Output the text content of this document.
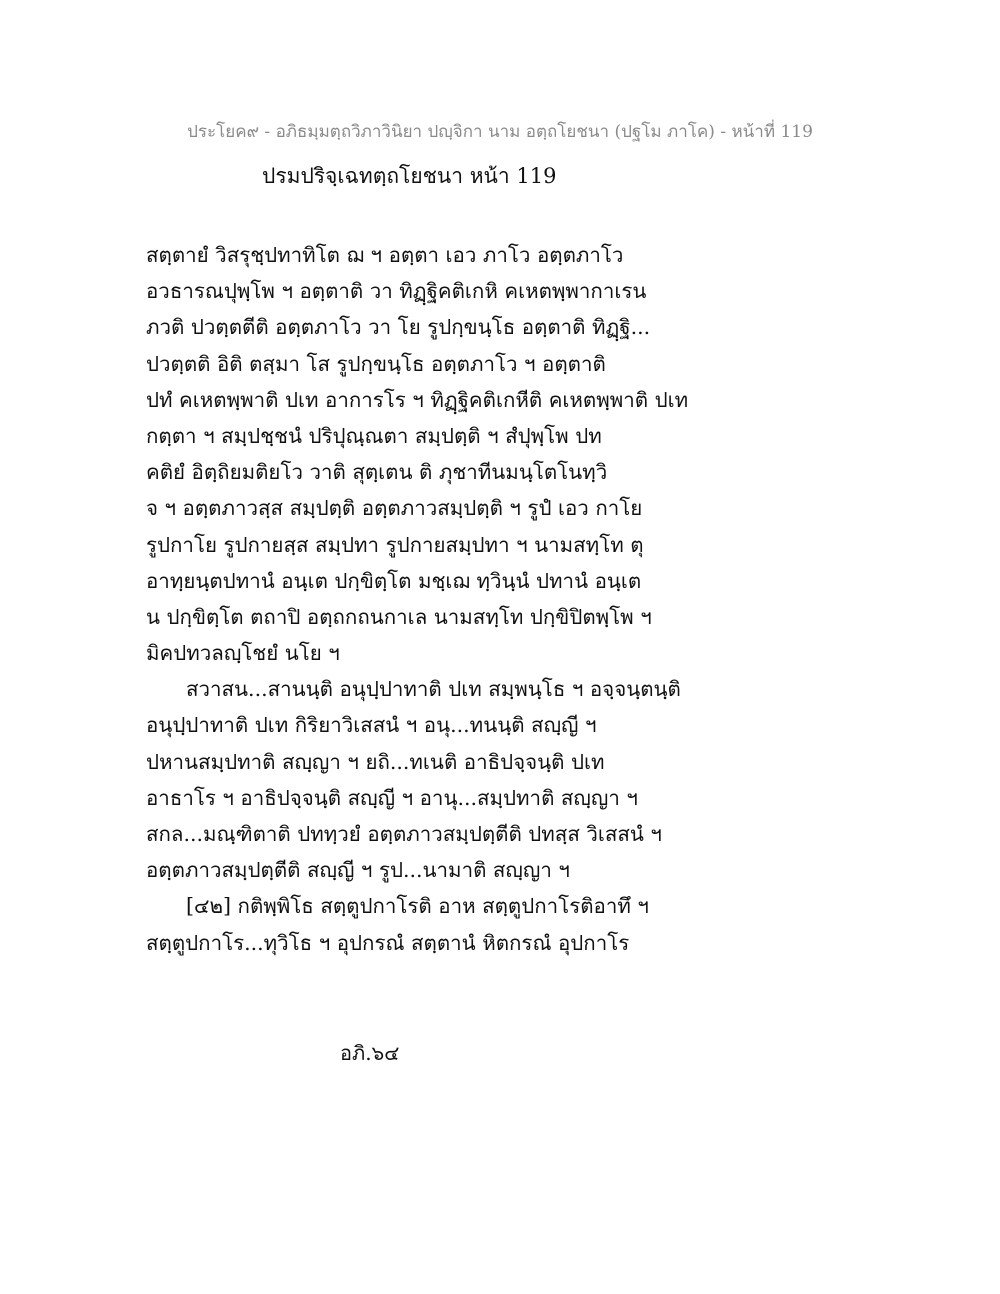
ประโยค๙ - อภิธมฺมตฺถวิภาวินิยา ปญฺจิกา นาม อตฺถโยชนา (ปฐโม ภาโค) - หน้าที่ 119
ปรมปริจฺเฉทตฺถโยชนา หน้า 119
สตฺตายํ วิสรุชฺปทาทิโต ฌ ฯ อตฺตา เอว ภาโว อตฺตภาโว
อวธารณปุพฺโพ ฯ อตฺตาติ วา ทิฏฺฐิคติเกหิ คเหตพฺพากาเรน
ภวติ ปวตฺตตีติ อตฺตภาโว วา โย รูปกฺขนฺโธ อตฺตาติ ทิฏฺฐิ...
ปวตฺตติ อิติ ตสฺมา โส รูปกฺขนฺโธ อตฺตภาโว ฯ อตฺตาติ
ปทํ คเหตพฺพาติ ปเท อาการโร ฯ ทิฏฺฐิคติเกหีติ คเหตพฺพาติ ปเท
กตฺตา ฯ สมฺปชฺชนํ ปริปุณฺณตา สมฺปตฺติ ฯ สํปุพฺโพ ปท
คติยํ อิตฺถิยมติยโว วาติ สุตฺเตน ติ ภุชาทีนมนฺโตโนทฺวิ
จ ฯ อตฺตภาวสฺส สมฺปตฺติ อตฺตภาวสมฺปตฺติ ฯ รูปํ เอว กาโย
รูปกาโย รูปกายสฺส สมฺปทา รูปกายสมฺปทา ฯ นามสทฺโท ตุ
อาทฺยนฺตปทานํ อนฺเต ปกฺขิตฺโต มชฺเฌ ทฺวินฺนํ ปทานํ อนฺเต
น ปกฺขิตฺโต ตถาปิ อตฺถกถนกาเล นามสทฺโท ปกฺขิปิตพฺโพ ฯ
มิคปทวลญฺโชยํ นโย ฯ
สวาสน...สานนฺติ อนุปฺปาทาติ ปเท สมฺพนฺโธ ฯ อจฺจนฺตนฺติ
อนุปฺปาทาติ ปเท กิริยาวิเสสนํ ฯ อนุ...ทนนฺติ สญฺญี ฯ
ปหานสมฺปทาติ สญฺญา ฯ ยถิ...ทเนติ อาธิปจฺจนฺติ ปเท
อาธาโร ฯ อาธิปจฺจนฺติ สญฺญี ฯ อานุ...สมฺปทาติ สญฺญา ฯ
สกล...มณฺฑิตาติ ปททฺวยํ อตฺตภาวสมฺปตฺตีติ ปทสฺส วิเสสนํ ฯ
อตฺตภาวสมฺปตฺตีติ สญฺญี ฯ รูป...นามาติ สญฺญา ฯ
[๔๒] กติพฺพิโธ สตฺตูปกาโรติ อาห สตฺตูปกาโรติอาทึ ฯ
สตฺตูปกาโร...ทุวิโธ ฯ อุปกรณํ สตฺตานํ หิตกรณํ อุปกาโร
อภิ.๖๔
